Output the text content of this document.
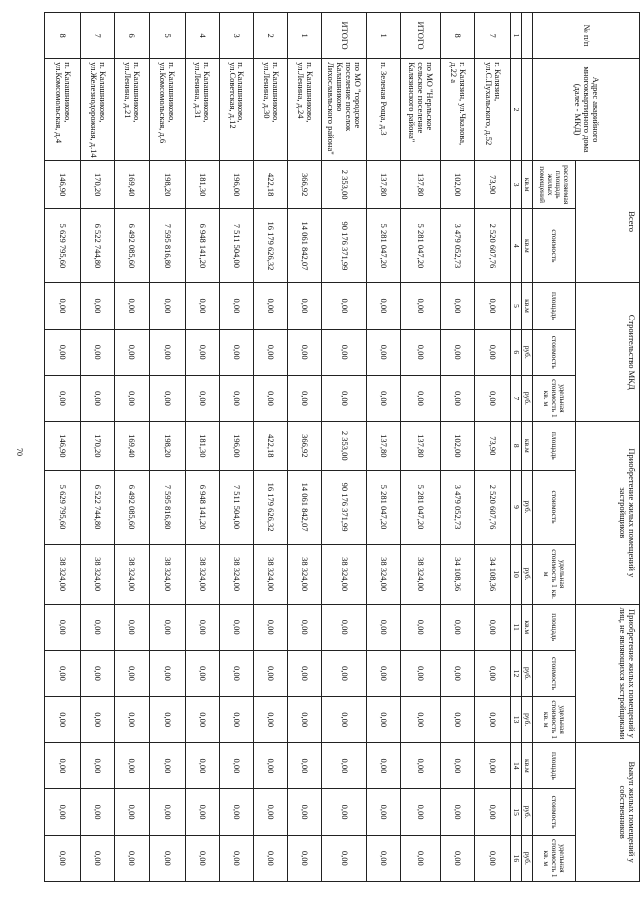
70
№ п/п	Адрес аварийного многоквартирного дома (далее - МКД)	Всего		Строительство МКД			Приобретение жилых помещений у застройщиков			Приобретение жилых помещений у лиц, не являющихся застройщиками			Выкуп жилых помещений у собственников		
		расселяемая площадь жилых помещений	стоимость	площадь	стоимость	удельная стоимость 1 кв. м	площадь	стоимость	удельная стоимость 1 кв. м	площадь	стоимость	удельная стоимость 1 кв. м	площадь	стоимость	удельная стоимость 1 кв. м
		кв.м	кв.м	кв.м	руб.	руб.	кв.м	руб.	руб.	кв.м	руб.	руб.	кв.м	руб.	руб.
1	2	3	4	5	6	7	8	9	10	11	12	13	14	15	16
7	г. Калязин, ул.С.Пухальского, д.52	73,90	2 520 607,76	0,00	0,00	0,00	73,90	2 520 607,76	34 108,36	0,00	0,00	0,00	0,00	0,00	0,00
8	г. Калязин, ул.Чкалова, д.22 а	102,00	3 479 052,73	0,00	0,00	0,00	102,00	3 479 052,73	34 108,36	0,00	0,00	0,00	0,00	0,00	0,00
ИТОГО	по МО "Нерльское сельское поселение Калязинского района"	137,80	5 281 047,20	0,00	0,00	0,00	137,80	5 281 047,20	38 324,00	0,00	0,00	0,00	0,00	0,00	0,00
1	п. Зеленая Роща, д.3	137,80	5 281 047,20	0,00	0,00	0,00	137,80	5 281 047,20	38 324,00	0,00	0,00	0,00	0,00	0,00	0,00
ИТОГО	по МО "городское поселение поселок Калашниково Лихославльского района"	2 353,00	90 176 371,99	0,00	0,00	0,00	2 353,00	90 176 371,99	38 324,00	0,00	0,00	0,00	0,00	0,00	0,00
1	п. Калашниково, ул.Ленина, д.24	366,92	14 061 842,07	0,00	0,00	0,00	366,92	14 061 842,07	38 324,00	0,00	0,00	0,00	0,00	0,00	0,00
2	п. Калашниково, ул.Ленина, д.30	422,18	16 179 626,32	0,00	0,00	0,00	422,18	16 179 626,32	38 324,00	0,00	0,00	0,00	0,00	0,00	0,00
3	п. Калашниково, ул.Советская, д.12	196,00	7 511 504,00	0,00	0,00	0,00	196,00	7 511 504,00	38 324,00	0,00	0,00	0,00	0,00	0,00	0,00
4	п. Калашниково, ул.Ленина, д.31	181,30	6 948 141,20	0,00	0,00	0,00	181,30	6 948 141,20	38 324,00	0,00	0,00	0,00	0,00	0,00	0,00
5	п. Калашниково, ул.Комсомольская, д.6	198,20	7 595 816,80	0,00	0,00	0,00	198,20	7 595 816,80	38 324,00	0,00	0,00	0,00	0,00	0,00	0,00
6	п. Калашниково, ул.Ленина, д.21	169,40	6 492 085,60	0,00	0,00	0,00	169,40	6 492 085,60	38 324,00	0,00	0,00	0,00	0,00	0,00	0,00
7	п. Калашниково, ул.Железнодорожная, д.14	170,20	6 522 744,80	0,00	0,00	0,00	170,20	6 522 744,80	38 324,00	0,00	0,00	0,00	0,00	0,00	0,00
8	п. Калашниково, ул.Комсомольская, д.4	146,90	5 629 795,60	0,00	0,00	0,00	146,90	5 629 795,60	38 324,00	0,00	0,00	0,00	0,00	0,00	0,00
